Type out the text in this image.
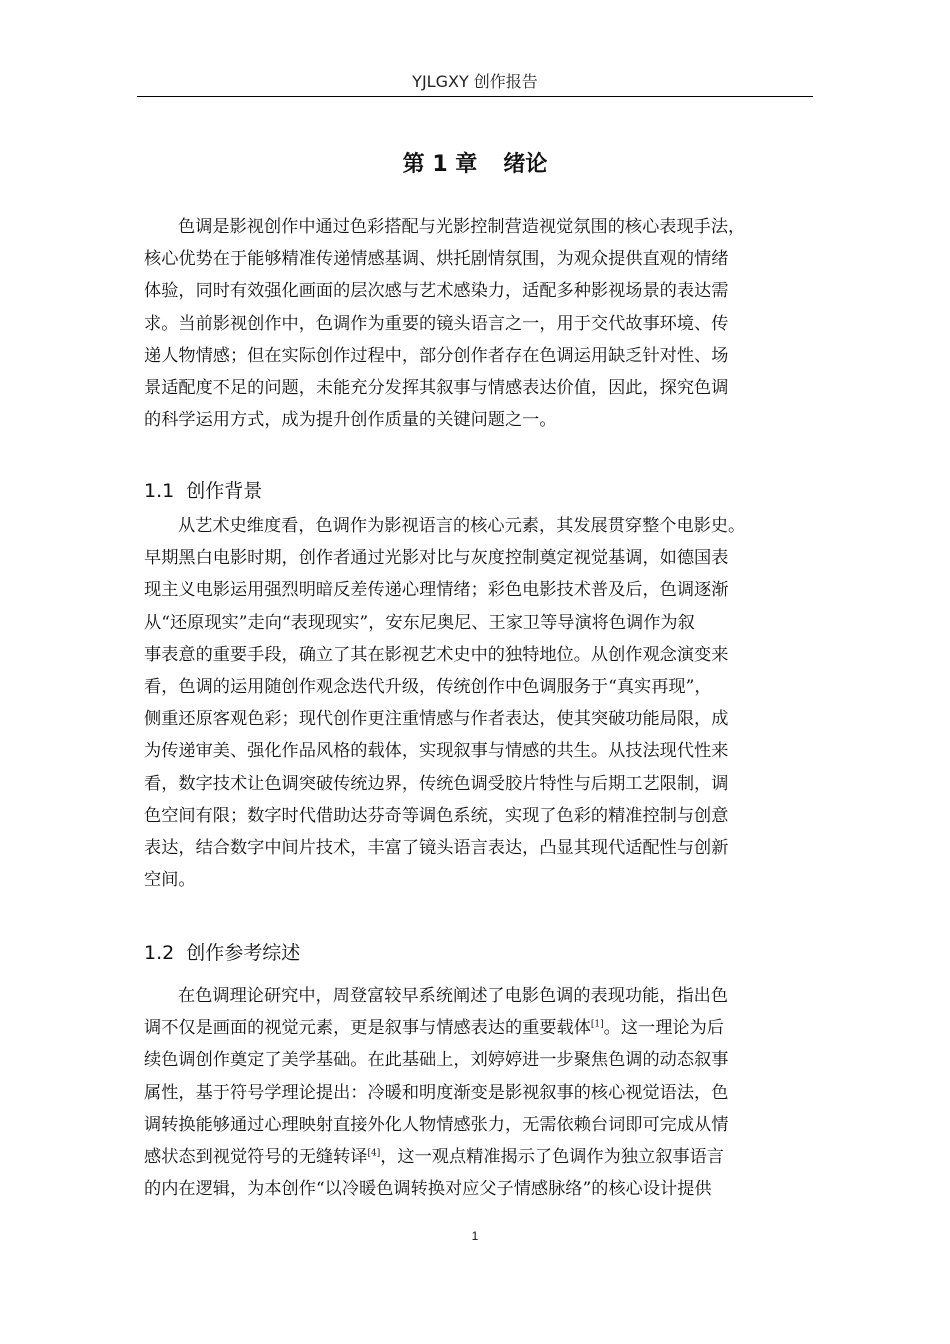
YJLGXY 创作报告
第 1 章 绪论
色调是影视创作中通过色彩搭配与光影控制营造视觉氛围的核心表现手法，
核心优势在于能够精准传递情感基调、烘托剧情氛围，为观众提供直观的情绪
体验，同时有效强化画面的层次感与艺术感染力，适配多种影视场景的表达需
求。当前影视创作中，色调作为重要的镜头语言之一，用于交代故事环境、传
递人物情感；但在实际创作过程中，部分创作者存在色调运用缺乏针对性、场
景适配度不足的问题，未能充分发挥其叙事与情感表达价值，因此，探究色调
的科学运用方式，成为提升创作质量的关键问题之一。
1.1 创作背景
从艺术史维度看，色调作为影视语言的核心元素，其发展贯穿整个电影史。
早期黑白电影时期，创作者通过光影对比与灰度控制奠定视觉基调，如德国表
现主义电影运用强烈明暗反差传递心理情绪；彩色电影技术普及后，色调逐渐
从“还原现实”走向“表现现实”，安东尼奥尼、王家卫等导演将色调作为叙
事表意的重要手段，确立了其在影视艺术史中的独特地位。从创作观念演变来
看，色调的运用随创作观念迭代升级，传统创作中色调服务于“真实再现”，
侧重还原客观色彩；现代创作更注重情感与作者表达，使其突破功能局限，成
为传递审美、强化作品风格的载体，实现叙事与情感的共生。从技法现代性来
看，数字技术让色调突破传统边界，传统色调受胶片特性与后期工艺限制，调
色空间有限；数字时代借助达芬奇等调色系统，实现了色彩的精准控制与创意
表达，结合数字中间片技术，丰富了镜头语言表达，凸显其现代适配性与创新
空间。
1.2 创作参考综述
在色调理论研究中，周登富较早系统阐述了电影色调的表现功能，指出色
调不仅是画面的视觉元素，更是叙事与情感表达的重要载体[1]。这一理论为后
续色调创作奠定了美学基础。在此基础上，刘婷婷进一步聚焦色调的动态叙事
属性，基于符号学理论提出：冷暖和明度渐变是影视叙事的核心视觉语法，色
调转换能够通过心理映射直接外化人物情感张力，无需依赖台词即可完成从情
感状态到视觉符号的无缝转译[4]，这一观点精准揭示了色调作为独立叙事语言
的内在逻辑，为本创作“以冷暖色调转换对应父子情感脉络”的核心设计提供
1
